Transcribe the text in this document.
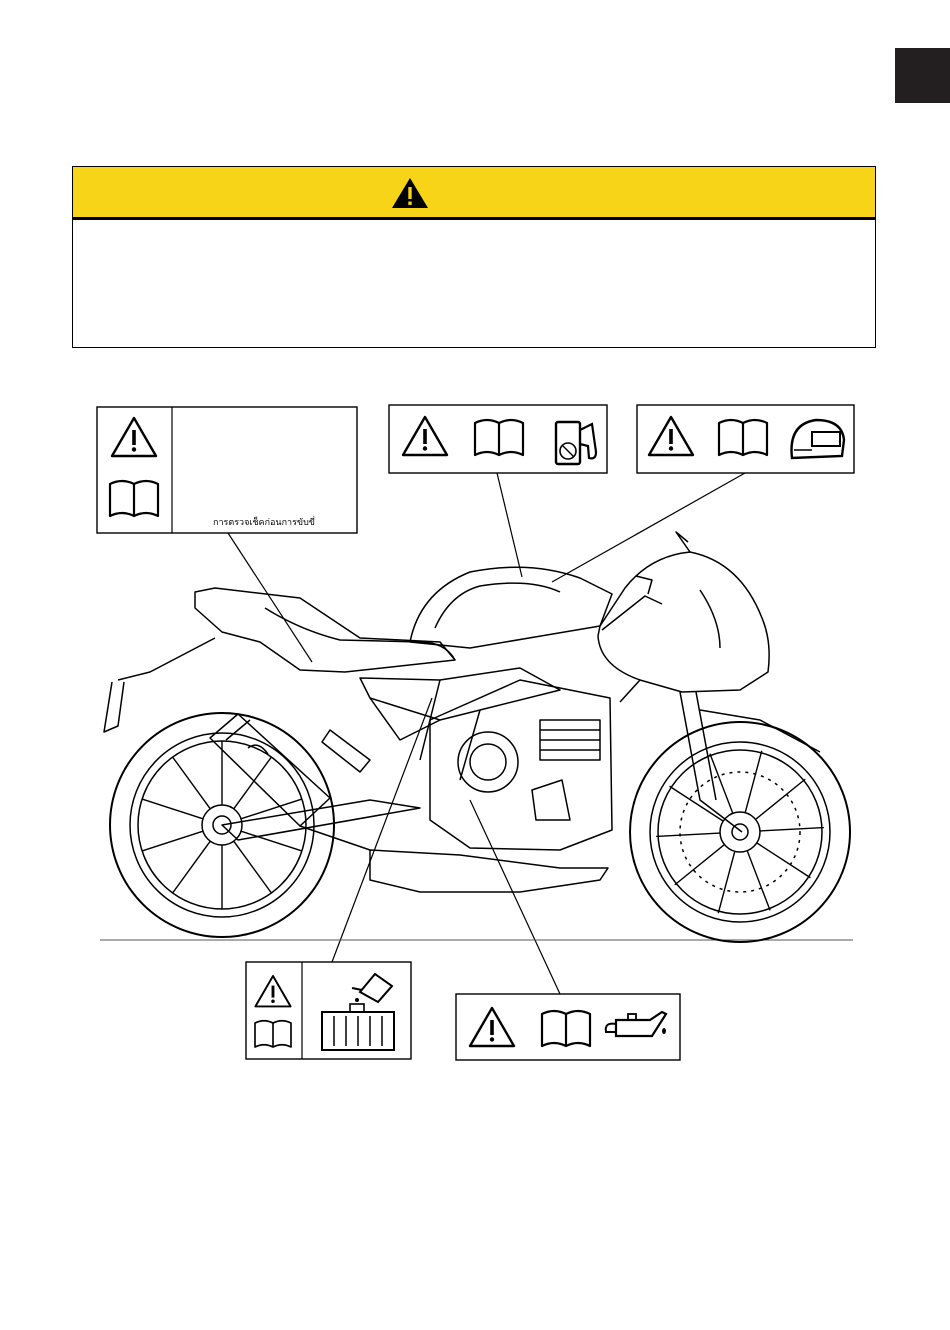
การตรวจเช็คก่อนการขับขี่
